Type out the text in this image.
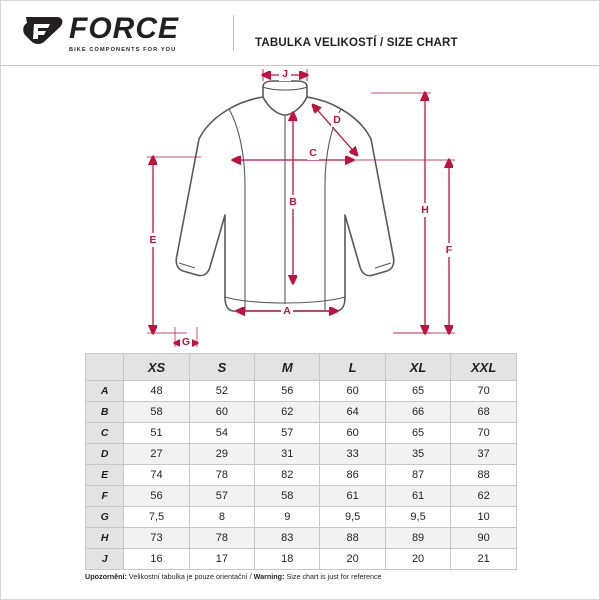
FORCE
BIKE COMPONENTS FOR YOU
TABULKA VELIKOSTÍ / SIZE CHART
J
D
C
B
A
E
G
H
F
	XS	S	M	L	XL	XXL
A	48	52	56	60	65	70
B	58	60	62	64	66	68
C	51	54	57	60	65	70
D	27	29	31	33	35	37
E	74	78	82	86	87	88
F	56	57	58	61	61	62
G	7,5	8	9	9,5	9,5	10
H	73	78	83	88	89	90
J	16	17	18	20	20	21
Upozornění: Velikostní tabulka je pouze orientační / Warning: Size chart is just for reference
